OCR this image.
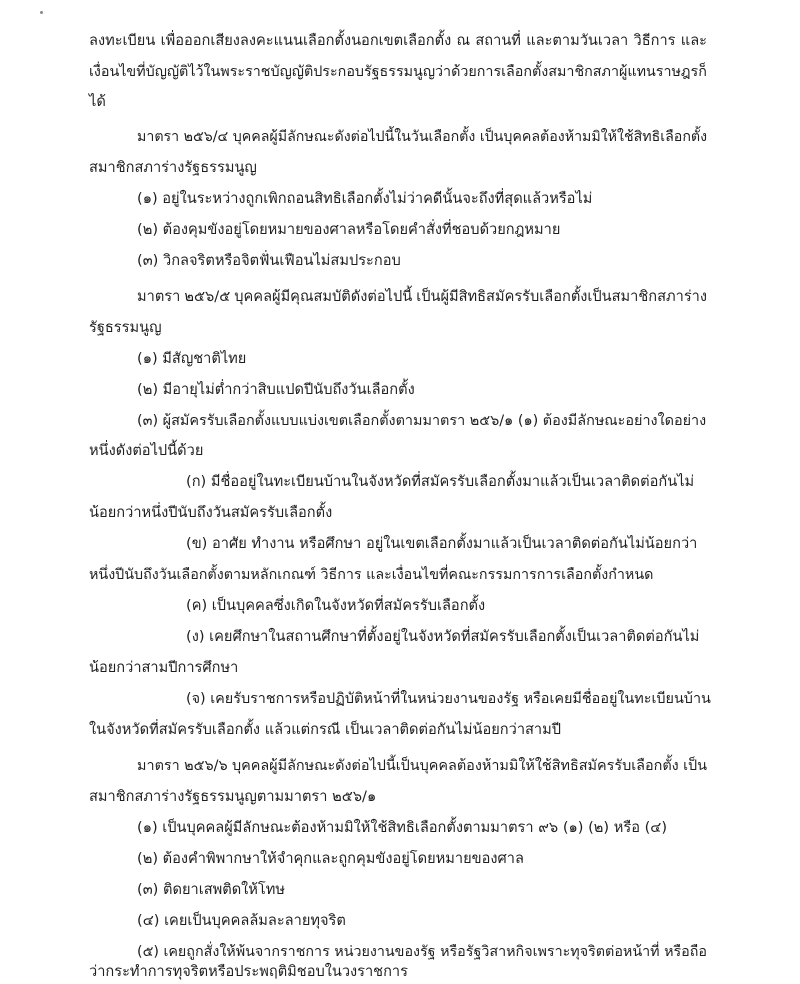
ลงทะเบียน เพื่อออกเสียงลงคะแนนเลือกตั้งนอกเขตเลือกตั้ง ณ สถานที่ และตามวันเวลา วิธีการ และ
เงื่อนไขที่บัญญัติไว้ในพระราชบัญญัติประกอบรัฐธรรมนูญว่าด้วยการเลือกตั้งสมาชิกสภาผู้แทนราษฎรก็
ได้
มาตรา ๒๕๖/๔ บุคคลผู้มีลักษณะดังต่อไปนี้ในวันเลือกตั้ง เป็นบุคคลต้องห้ามมิให้ใช้สิทธิเลือกตั้ง
สมาชิกสภาร่างรัฐธรรมนูญ
(๑) อยู่ในระหว่างถูกเพิกถอนสิทธิเลือกตั้งไม่ว่าคดีนั้นจะถึงที่สุดแล้วหรือไม่
(๒) ต้องคุมขังอยู่โดยหมายของศาลหรือโดยคำสั่งที่ชอบด้วยกฎหมาย
(๓) วิกลจริตหรือจิตฟั่นเฟือนไม่สมประกอบ
มาตรา ๒๕๖/๕ บุคคลผู้มีคุณสมบัติดังต่อไปนี้ เป็นผู้มีสิทธิสมัครรับเลือกตั้งเป็นสมาชิกสภาร่าง
รัฐธรรมนูญ
(๑) มีสัญชาติไทย
(๒) มีอายุไม่ต่ำกว่าสิบแปดปีนับถึงวันเลือกตั้ง
(๓) ผู้สมัครรับเลือกตั้งแบบแบ่งเขตเลือกตั้งตามมาตรา ๒๕๖/๑ (๑) ต้องมีลักษณะอย่างใดอย่าง
หนึ่งดังต่อไปนี้ด้วย
(ก) มีชื่ออยู่ในทะเบียนบ้านในจังหวัดที่สมัครรับเลือกตั้งมาแล้วเป็นเวลาติดต่อกันไม่
น้อยกว่าหนึ่งปีนับถึงวันสมัครรับเลือกตั้ง
(ข) อาศัย ทำงาน หรือศึกษา อยู่ในเขตเลือกตั้งมาแล้วเป็นเวลาติดต่อกันไม่น้อยกว่า
หนึ่งปีนับถึงวันเลือกตั้งตามหลักเกณฑ์ วิธีการ และเงื่อนไขที่คณะกรรมการการเลือกตั้งกำหนด
(ค) เป็นบุคคลซึ่งเกิดในจังหวัดที่สมัครรับเลือกตั้ง
(ง) เคยศึกษาในสถานศึกษาที่ตั้งอยู่ในจังหวัดที่สมัครรับเลือกตั้งเป็นเวลาติดต่อกันไม่
น้อยกว่าสามปีการศึกษา
(จ) เคยรับราชการหรือปฏิบัติหน้าที่ในหน่วยงานของรัฐ หรือเคยมีชื่ออยู่ในทะเบียนบ้าน
ในจังหวัดที่สมัครรับเลือกตั้ง แล้วแต่กรณี เป็นเวลาติดต่อกันไม่น้อยกว่าสามปี
มาตรา ๒๕๖/๖ บุคคลผู้มีลักษณะดังต่อไปนี้เป็นบุคคลต้องห้ามมิให้ใช้สิทธิสมัครรับเลือกตั้ง เป็น
สมาชิกสภาร่างรัฐธรรมนูญตามมาตรา ๒๕๖/๑
(๑) เป็นบุคคลผู้มีลักษณะต้องห้ามมิให้ใช้สิทธิเลือกตั้งตามมาตรา ๙๖ (๑) (๒) หรือ (๔)
(๒) ต้องคำพิพากษาให้จำคุกและถูกคุมขังอยู่โดยหมายของศาล
(๓) ติดยาเสพติดให้โทษ
(๔) เคยเป็นบุคคลล้มละลายทุจริต
(๕) เคยถูกสั่งให้พ้นจากราชการ หน่วยงานของรัฐ หรือรัฐวิสาหกิจเพราะทุจริตต่อหน้าที่ หรือถือ
ว่ากระทำการทุจริตหรือประพฤติมิชอบในวงราชการ
